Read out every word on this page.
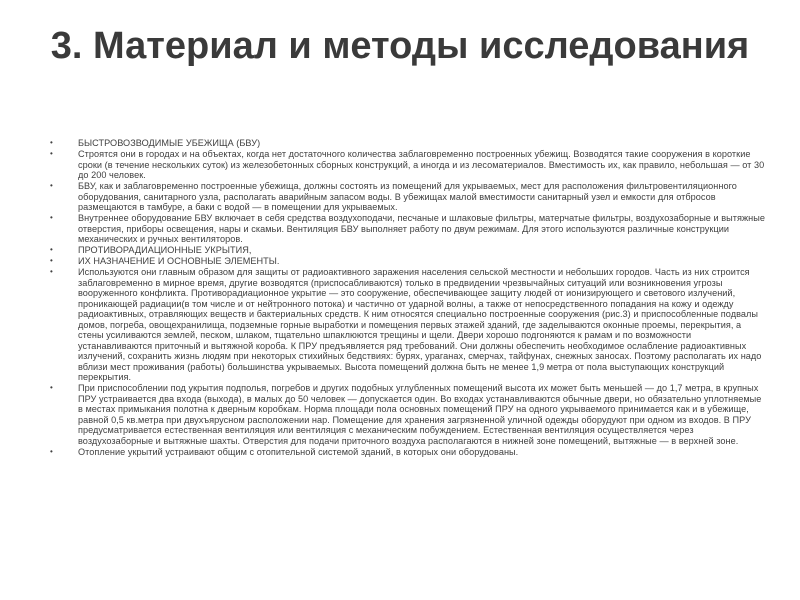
3. Материал и методы исследования
• БЫСТРОВОЗВОДИМЫЕ УБЕЖИЩА (БВУ)
• Строятся они в городах и на объектах, когда нет достаточного количества заблаговременно построенных убежищ. Возводятся такие сооружения в короткие сроки (в течение нескольких суток) из железобетонных сборных конструкций, а иногда и из лесоматериалов. Вместимость их, как правило, небольшая — от 30 до 200 человек.
• БВУ, как и заблаговременно построенные убежища, должны состоять из помещений для укрываемых, мест для расположения фильтровентиляционного оборудования, санитарного узла, располагать аварийным запасом воды. В убежищах малой вместимости санитарный узел и емкости для отбросов размещаются в тамбуре, а баки с водой — в помещении для укрываемых.
• Внутреннее оборудование БВУ включает в себя средства воздухоподачи, песчаные и шлаковые фильтры, матерчатые фильтры, воздухозаборные и вытяжные отверстия, приборы освещения, нары и скамьи. Вентиляция БВУ выполняет работу по двум режимам. Для этого используются различные конструкции механических и ручных вентиляторов.
• ПРОТИВОРАДИАЦИОННЫЕ УКРЫТИЯ,
• ИХ НАЗНАЧЕНИЕ И ОСНОВНЫЕ ЭЛЕМЕНТЫ.
• Используются они главным образом для защиты от радиоактивного заражения населения сельской местности и небольших городов. Часть из них строится заблаговременно в мирное время, другие возводятся (приспосабливаются) только в предвидении чрезвычайных ситуаций или возникновения угрозы вооруженного конфликта. Противорадиационное укрытие — это сооружение, обеспечивающее защиту людей от ионизирующего и светового излучений, проникающей радиации(в том числе и от нейтронного потока) и частично от ударной волны, а также от непосредственного попадания на кожу и одежду радиоактивных, отравляющих веществ и бактериальных средств. К ним относятся специально построенные сооружения (рис.3) и приспособленные подвалы домов, погреба, овощехранилища, подземные горные выработки и помещения первых этажей зданий, где заделываются оконные проемы, перекрытия, а стены усиливаются землей, песком, шлаком, тщательно шпаклюются трещины и щели. Двери хорошо подгоняются к рамам и по возможности устанавливаются приточный и вытяжной короба. К ПРУ предъявляется ряд требований. Они должны обеспечить необходимое ослабление радиоактивных излучений, сохранить жизнь людям при некоторых стихийных бедствиях: бурях, ураганах, смерчах, тайфунах, снежных заносах. Поэтому располагать их надо вблизи мест проживания (работы) большинства укрываемых. Высота помещений должна быть не менее 1,9 метра от пола выступающих конструкций перекрытия.
• При приспособлении под укрытия подполья, погребов и других подобных углубленных помещений высота их может быть меньшей — до 1,7 метра, в крупных ПРУ устраивается два входа (выхода), в малых до 50 человек — допускается один. Во входах устанавливаются обычные двери, но обязательно уплотняемые в местах примыкания полотна к дверным коробкам. Норма площади пола основных помещений ПРУ на одного укрываемого принимается как и в убежище, равной 0,5 кв.метра при двухъярусном расположении нар. Помещение для хранения загрязненной уличной одежды оборудуют при одном из входов. В ПРУ предусматривается естественная вентиляция или вентиляция с механическим побуждением. Естественная вентиляция осуществляется через воздухозаборные и вытяжные шахты. Отверстия для подачи приточного воздуха располагаются в нижней зоне помещений, вытяжные — в верхней зоне.
• Отопление укрытий устраивают общим с отопительной системой зданий, в которых они оборудованы.
